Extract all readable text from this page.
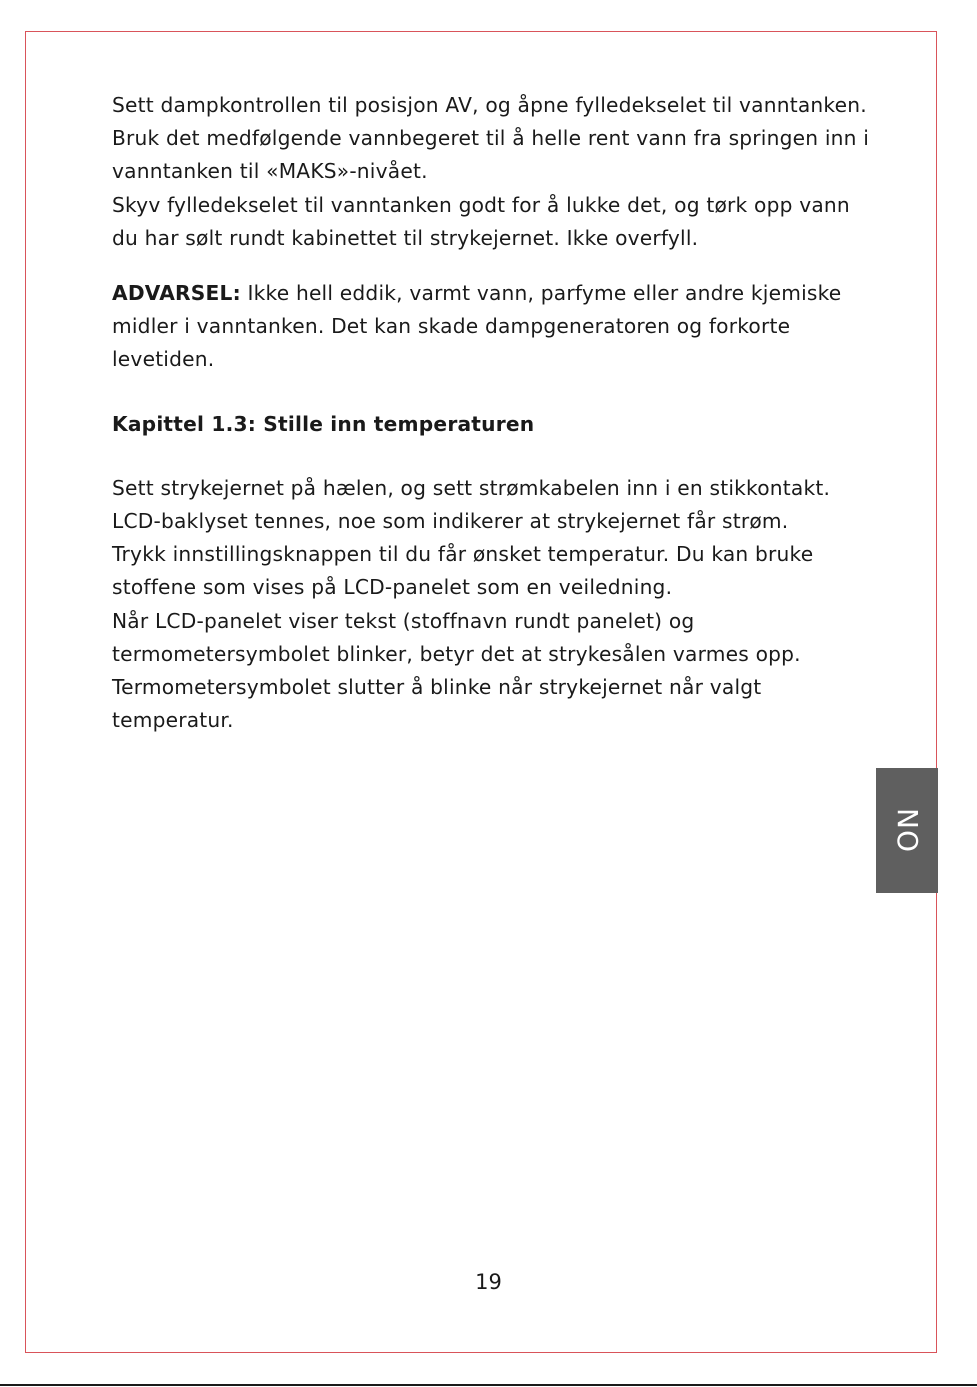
Sett dampkontrollen til posisjon AV, og åpne fylledekselet til vanntanken.

Bruk det medfølgende vannbegeret til å helle rent vann fra springen inn i vanntanken til «MAKS»-nivået.

Skyv fylledekselet til vanntanken godt for å lukke det, og tørk opp vann du har sølt rundt kabinettet til strykejernet. Ikke overfyll.

ADVARSEL: Ikke hell eddik, varmt vann, parfyme eller andre kjemiske midler i vanntanken. Det kan skade dampgeneratoren og forkorte levetiden.

Kapittel 1.3: Stille inn temperaturen

Sett strykejernet på hælen, og sett strømkabelen inn i en stikkontakt. LCD-baklyset tennes, noe som indikerer at strykejernet får strøm.

Trykk innstillingsknappen til du får ønsket temperatur. Du kan bruke stoffene som vises på LCD-panelet som en veiledning.

Når LCD-panelet viser tekst (stoffnavn rundt panelet) og termometersymbolet blinker, betyr det at strykesålen varmes opp.

Termometersymbolet slutter å blinke når strykejernet når valgt temperatur.

NO
19
